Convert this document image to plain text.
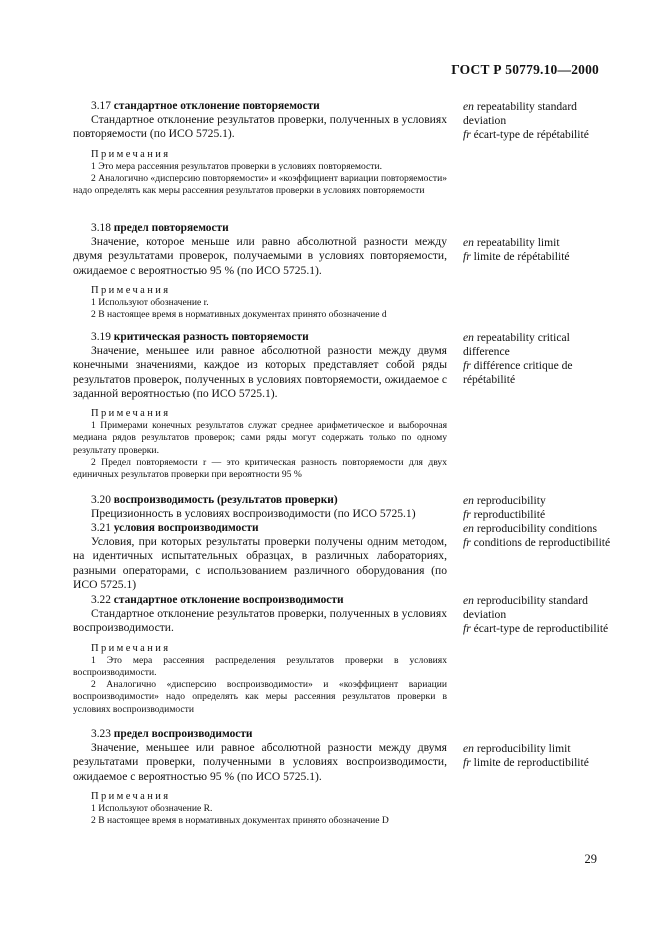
ГОСТ Р 50779.10—2000
3.17 стандартное отклонение повторяемости
Стандартное отклонение результатов проверки, полученных в условиях повторяемости (по ИСО 5725.1).
Примечания
1 Это мера рассеяния результатов проверки в условиях повторяемости.
2 Аналогично «дисперсию повторяемости» и «коэффициент вариации повторяемости» надо определять как меры рассеяния результатов проверки в условиях повторяемости
en repeatability standard deviation
fr écart-type de répétabilité
3.18 предел повторяемости
Значение, которое меньше или равно абсолютной разности между двумя результатами проверок, получаемыми в условиях повторяемости, ожидаемое с вероятностью 95 % (по ИСО 5725.1).
Примечания
1 Используют обозначение r.
2 В настоящее время в нормативных документах принято обозначение d
en repeatability limit
fr limite de répétabilité
3.19 критическая разность повторяемости
Значение, меньшее или равное абсолютной разности между двумя конечными значениями, каждое из которых представляет собой ряды результатов проверок, полученных в условиях повторяемости, ожидаемое с заданной вероятностью (по ИСО 5725.1).
Примечания
1 Примерами конечных результатов служат среднее арифметическое и выборочная медиана рядов результатов проверок; сами ряды могут содержать только по одному результату проверки.
2 Предел повторяемости r — это критическая разность повторяемости для двух единичных результатов проверки при вероятности 95 %
en repeatability critical difference
fr différence critique de répétabilité
3.20 воспроизводимость (результатов проверки)
Прецизионность в условиях воспроизводимости (по ИСО 5725.1)
en reproducibility
fr reproductibilité
3.21 условия воспроизводимости
Условия, при которых результаты проверки получены одним методом, на идентичных испытательных образцах, в различных лабораториях, разными операторами, с использованием различного оборудования (по ИСО 5725.1)
en reproducibility conditions
fr conditions de reproductibilité
3.22 стандартное отклонение воспроизводимости
Стандартное отклонение результатов проверки, полученных в условиях воспроизводимости.
Примечания
1 Это мера рассеяния распределения результатов проверки в условиях воспроизводимости.
2 Аналогично «дисперсию воспроизводимости» и «коэффициент вариации воспроизводимости» надо определять как меры рассеяния результатов проверки в условиях воспроизводимости
en reproducibility standard deviation
fr écart-type de reproductibilité
3.23 предел воспроизводимости
Значение, меньшее или равное абсолютной разности между двумя результатами проверки, полученными в условиях воспроизводимости, ожидаемое с вероятностью 95 % (по ИСО 5725.1).
Примечания
1 Используют обозначение R.
2 В настоящее время в нормативных документах принято обозначение D
en reproducibility limit
fr limite de reproductibilité
29
